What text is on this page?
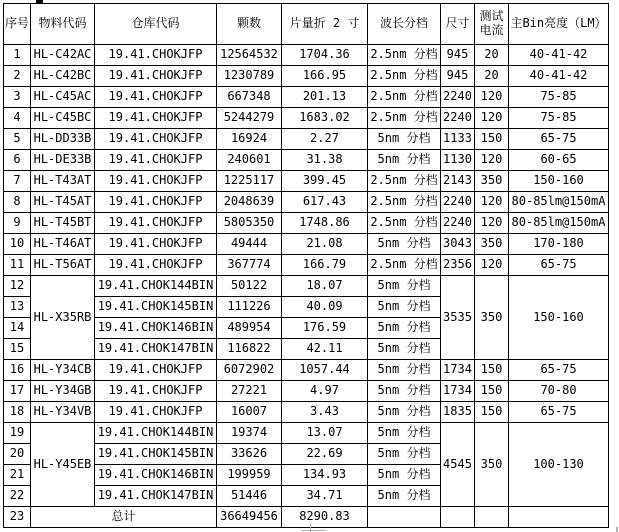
序号	物料代码	仓库代码	颗数	片量折 2 寸	波长分档	尺寸	测试电流	主Bin亮度（LM）
1	HL-C42AC	19.41.CHOKJFP	12564532	1704.36	2.5nm 分档	945	20	40-41-42
2	HL-C42BC	19.41.CHOKJFP	1230789	166.95	2.5nm 分档	945	20	40-41-42
3	HL-C45AC	19.41.CHOKJFP	667348	201.13	2.5nm 分档	2240	120	75-85
4	HL-C45BC	19.41.CHOKJFP	5244279	1683.02	2.5nm 分档	2240	120	75-85
5	HL-DD33B	19.41.CHOKJFP	16924	2.27	5nm 分档	1133	150	65-75
6	HL-DE33B	19.41.CHOKJFP	240601	31.38	5nm 分档	1130	120	60-65
7	HL-T43AT	19.41.CHOKJFP	1225117	399.45	2.5nm 分档	2143	350	150-160
8	HL-T45AT	19.41.CHOKJFP	2048639	617.43	2.5nm 分档	2240	120	80-85lm@150mA
9	HL-T45BT	19.41.CHOKJFP	5805350	1748.86	2.5nm 分档	2240	120	80-85lm@150mA
10	HL-T46AT	19.41.CHOKJFP	49444	21.08	5nm 分档	3043	350	170-180
11	HL-T56AT	19.41.CHOKJFP	367774	166.79	2.5nm 分档	2356	120	65-75
12	HL-X35RB	19.41.CHOK144BIN	50122	18.07	5nm 分档	3535	350	150-160
13		19.41.CHOK145BIN	111226	40.09	5nm 分档			
14		19.41.CHOK146BIN	489954	176.59	5nm 分档			
15		19.41.CHOK147BIN	116822	42.11	5nm 分档			
16	HL-Y34CB	19.41.CHOKJFP	6072902	1057.44	5nm 分档	1734	150	65-75
17	HL-Y34GB	19.41.CHOKJFP	27221	4.97	5nm 分档	1734	150	70-80
18	HL-Y34VB	19.41.CHOKJFP	16007	3.43	5nm 分档	1835	150	65-75
19	HL-Y45EB	19.41.CHOK144BIN	19374	13.07	5nm 分档	4545	350	100-130
20		19.41.CHOK145BIN	33626	22.69	5nm 分档			
21		19.41.CHOK146BIN	199959	134.93	5nm 分档			
22		19.41.CHOK147BIN	51446	34.71	5nm 分档			
23	总计		36649456	8290.83				
